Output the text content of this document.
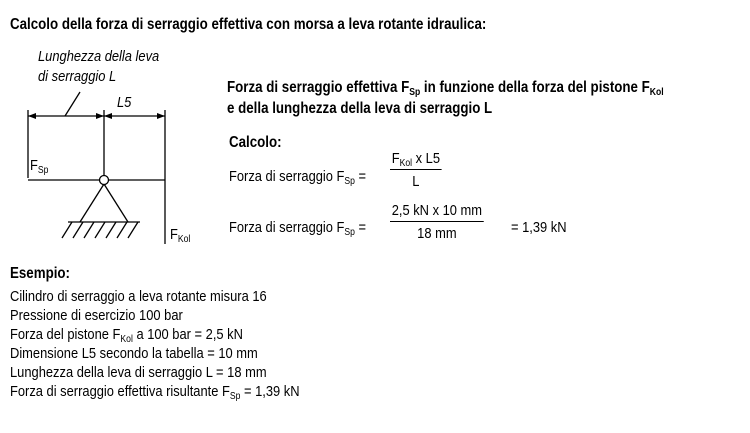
Calcolo della forza di serraggio effettiva con morsa a leva rotante idraulica:
Lunghezza della leva
di serraggio L
L5
$F_{Sp}$
$F_{Kol}$
Forza di serraggio effettiva $F_{Sp}$ in funzione della forza del pistone $F_{Kol}$
e della lunghezza della leva di serraggio L
Calcolo:
Forza di serraggio $F_{Sp}$ =
$F_{Kol}$ x L5
L
Forza di serraggio $F_{Sp} = \frac{\text{2,5 kN x 10 mm}}{18 mm} = 1,39$ kN
Esempio:
Cilindro di serraggio a leva rotante misura 16
Pressione di esercizio 100 bar
Forza del pistone $F_{Kol}$ a 100 bar = 2,5 kN
Dimensione L5 secondo la tabella = 10 mm
Lunghezza della leva di serraggio L = 18 mm
Forza di serraggio effettiva risultante $F_{Sp} = 1,39$ kN
